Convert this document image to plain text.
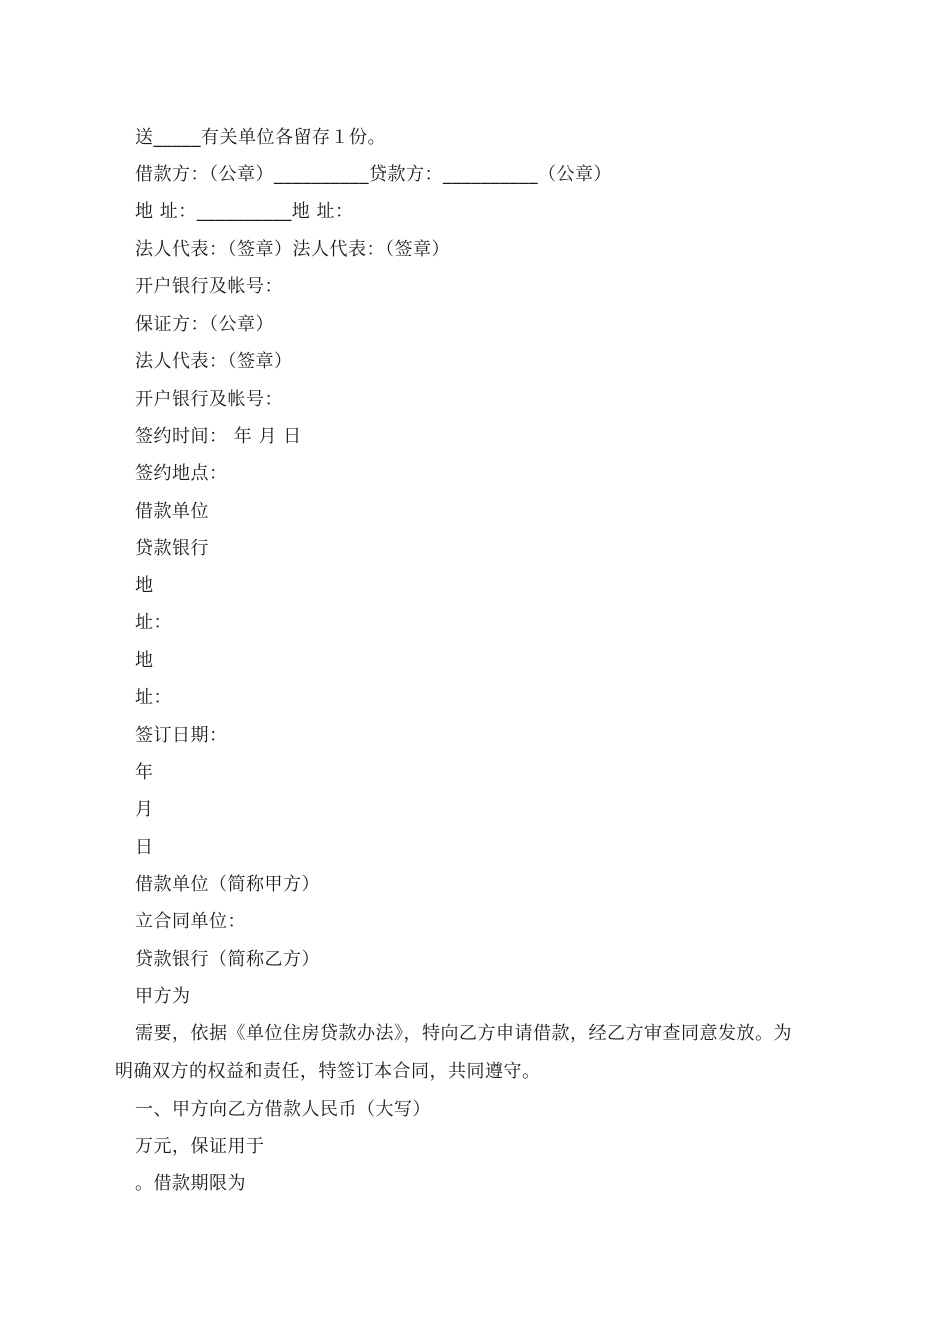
送_____有关单位各留存１份。
借款方：（公章）__________贷款方：__________（公章）
地 址：__________地 址：
法人代表：（签章）法人代表：（签章）
开户银行及帐号：
保证方：（公章）
法人代表：（签章）
开户银行及帐号：
签约时间： 年 月 日
签约地点：
借款单位
贷款银行
地
址：
地
址：
签订日期：
年
月
日
借款单位（简称甲方）
立合同单位：
贷款银行（简称乙方）
甲方为
需要，依据《单位住房贷款办法》，特向乙方申请借款，经乙方审查同意发放。为
明确双方的权益和责任，特签订本合同，共同遵守。
一、甲方向乙方借款人民币（大写）
万元，保证用于
。借款期限为
